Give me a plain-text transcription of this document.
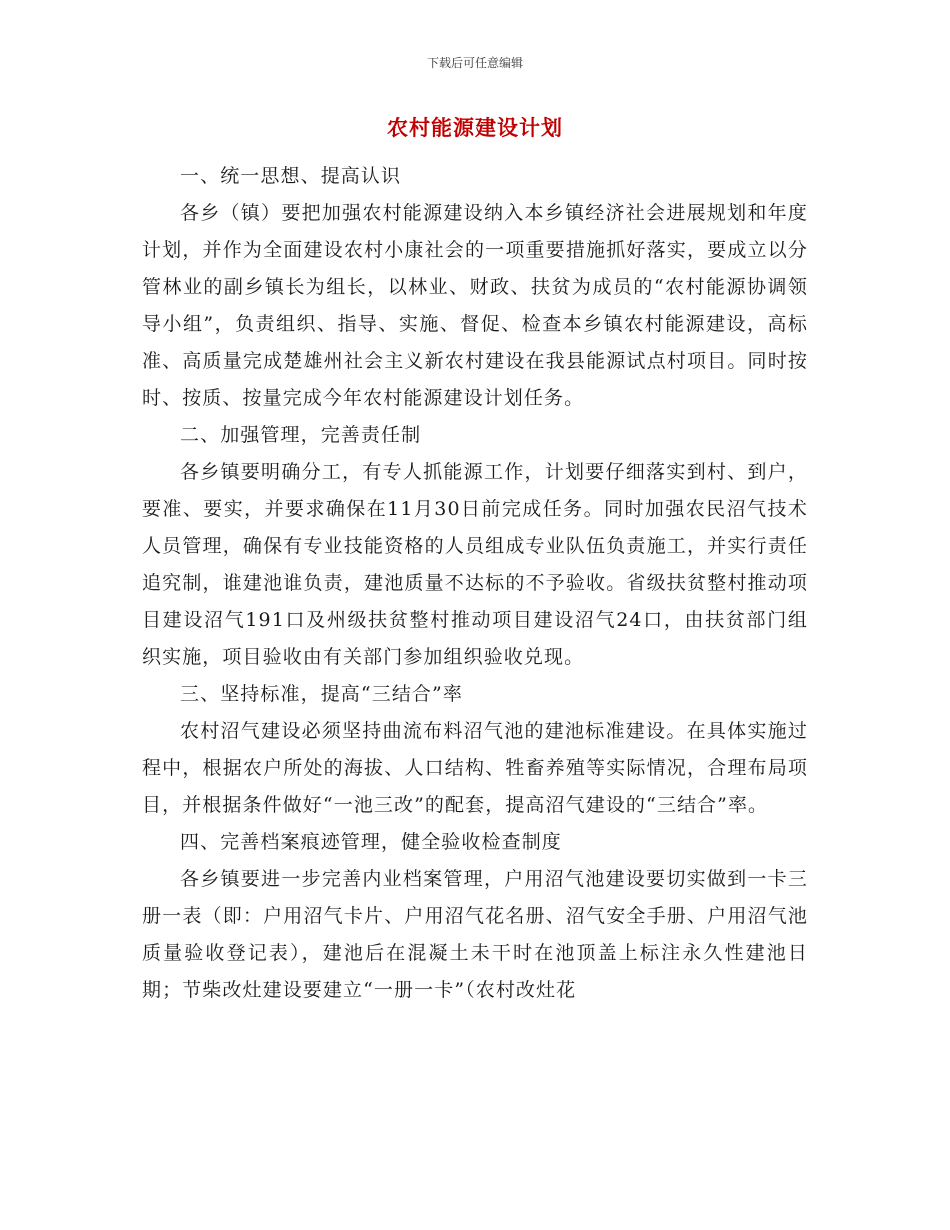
下载后可任意编辑
农村能源建设计划

一、统一思想、提高认识

各乡（镇）要把加强农村能源建设纳入本乡镇经济社会进展规划和年度计划，并作为全面建设农村小康社会的一项重要措施抓好落实，要成立以分管林业的副乡镇长为组长，以林业、财政、扶贫为成员的“农村能源协调领导小组”，负责组织、指导、实施、督促、检查本乡镇农村能源建设，高标准、高质量完成楚雄州社会主义新农村建设在我县能源试点村项目。同时按时、按质、按量完成今年农村能源建设计划任务。

二、加强管理，完善责任制

各乡镇要明确分工，有专人抓能源工作，计划要仔细落实到村、到户，要准、要实，并要求确保在11月30日前完成任务。同时加强农民沼气技术人员管理，确保有专业技能资格的人员组成专业队伍负责施工，并实行责任追究制，谁建池谁负责，建池质量不达标的不予验收。省级扶贫整村推动项目建设沼气191口及州级扶贫整村推动项目建设沼气24口，由扶贫部门组织实施，项目验收由有关部门参加组织验收兑现。

三、坚持标准，提高“三结合”率

农村沼气建设必须坚持曲流布料沼气池的建池标准建设。在具体实施过程中，根据农户所处的海拔、人口结构、牲畜养殖等实际情况，合理布局项目，并根据条件做好“一池三改”的配套，提高沼气建设的“三结合”率。

四、完善档案痕迹管理，健全验收检查制度

各乡镇要进一步完善内业档案管理，户用沼气池建设要切实做到一卡三册一表（即：户用沼气卡片、户用沼气花名册、沼气安全手册、户用沼气池质量验收登记表），建池后在混凝土未干时在池顶盖上标注永久性建池日期；节柴改灶建设要建立“一册一卡”（农村改灶花
